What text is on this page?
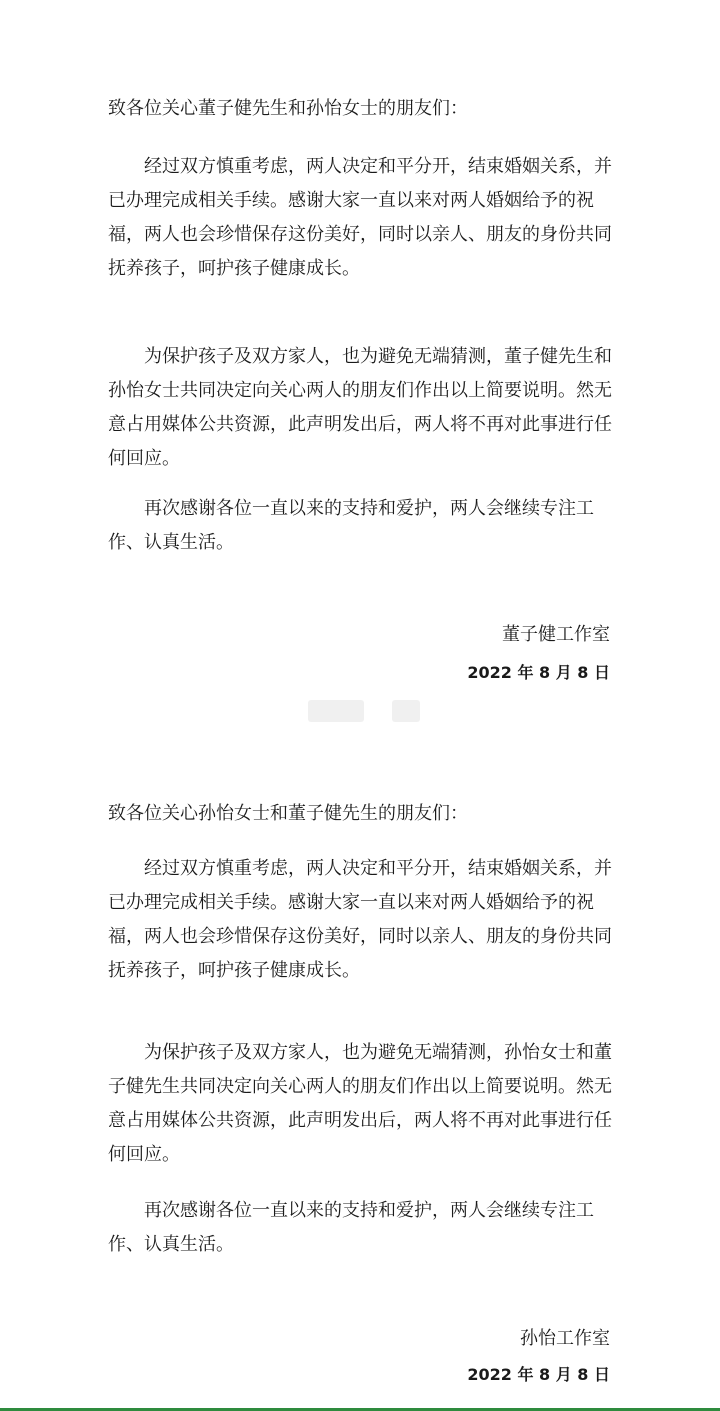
致各位关心董子健先生和孙怡女士的朋友们：

经过双方慎重考虑，两人决定和平分开，结束婚姻关系，并已办理完成相关手续。感谢大家一直以来对两人婚姻给予的祝福，两人也会珍惜保存这份美好，同时以亲人、朋友的身份共同抚养孩子，呵护孩子健康成长。

为保护孩子及双方家人，也为避免无端猜测，董子健先生和孙怡女士共同决定向关心两人的朋友们作出以上简要说明。然无意占用媒体公共资源，此声明发出后，两人将不再对此事进行任何回应。

再次感谢各位一直以来的支持和爱护，两人会继续专注工作、认真生活。

董子健工作室
2022 年 8 月 8 日

致各位关心孙怡女士和董子健先生的朋友们：

经过双方慎重考虑，两人决定和平分开，结束婚姻关系，并已办理完成相关手续。感谢大家一直以来对两人婚姻给予的祝福，两人也会珍惜保存这份美好，同时以亲人、朋友的身份共同抚养孩子，呵护孩子健康成长。

为保护孩子及双方家人，也为避免无端猜测，孙怡女士和董子健先生共同决定向关心两人的朋友们作出以上简要说明。然无意占用媒体公共资源，此声明发出后，两人将不再对此事进行任何回应。

再次感谢各位一直以来的支持和爱护，两人会继续专注工作、认真生活。

孙怡工作室
2022 年 8 月 8 日
